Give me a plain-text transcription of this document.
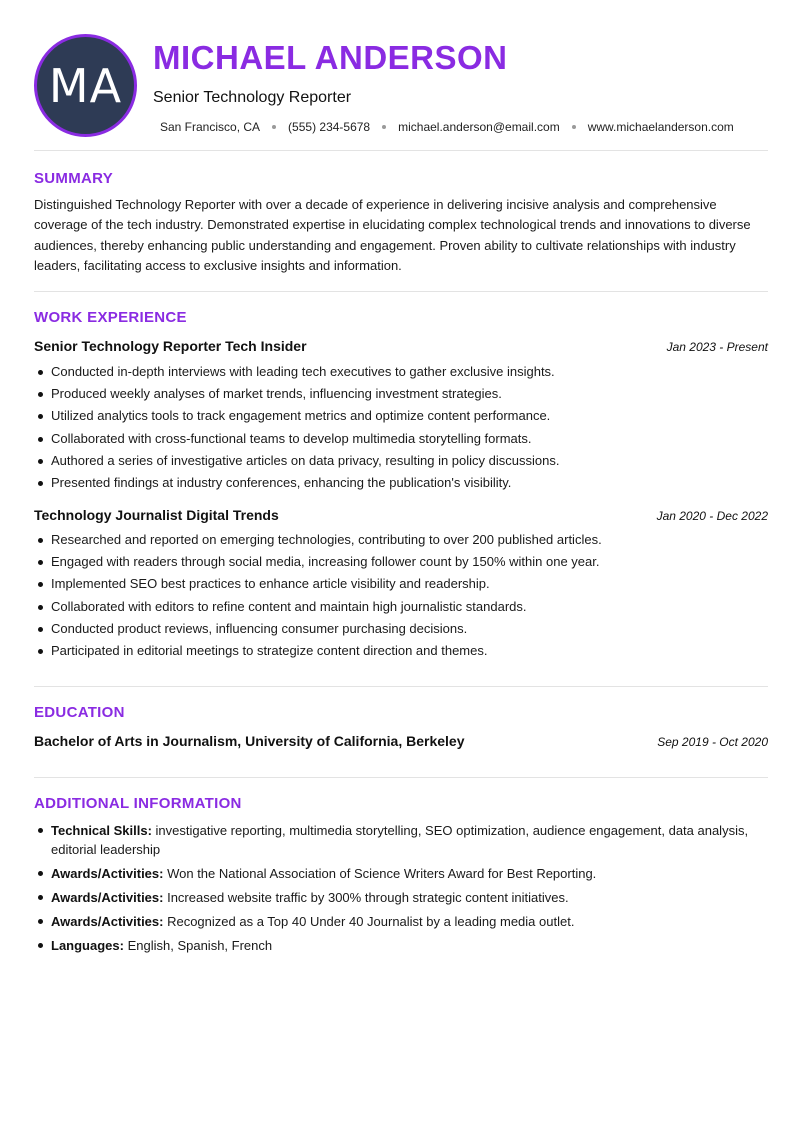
MA
MICHAEL ANDERSON
Senior Technology Reporter
San Francisco, CA (555) 234-5678 michael.anderson@email.com www.michaelanderson.com
SUMMARY
Distinguished Technology Reporter with over a decade of experience in delivering incisive analysis and comprehensive coverage of the tech industry. Demonstrated expertise in elucidating complex technological trends and innovations to diverse audiences, thereby enhancing public understanding and engagement. Proven ability to cultivate relationships with industry leaders, facilitating access to exclusive insights and information.
WORK EXPERIENCE
Senior Technology Reporter Tech Insider	Jan 2023 - Present
Conducted in-depth interviews with leading tech executives to gather exclusive insights.
Produced weekly analyses of market trends, influencing investment strategies.
Utilized analytics tools to track engagement metrics and optimize content performance.
Collaborated with cross-functional teams to develop multimedia storytelling formats.
Authored a series of investigative articles on data privacy, resulting in policy discussions.
Presented findings at industry conferences, enhancing the publication's visibility.
Technology Journalist Digital Trends	Jan 2020 - Dec 2022
Researched and reported on emerging technologies, contributing to over 200 published articles.
Engaged with readers through social media, increasing follower count by 150% within one year.
Implemented SEO best practices to enhance article visibility and readership.
Collaborated with editors to refine content and maintain high journalistic standards.
Conducted product reviews, influencing consumer purchasing decisions.
Participated in editorial meetings to strategize content direction and themes.
EDUCATION
Bachelor of Arts in Journalism, University of California, Berkeley	Sep 2019 - Oct 2020
ADDITIONAL INFORMATION
Technical Skills: investigative reporting, multimedia storytelling, SEO optimization, audience engagement, data analysis, editorial leadership
Awards/Activities: Won the National Association of Science Writers Award for Best Reporting.
Awards/Activities: Increased website traffic by 300% through strategic content initiatives.
Awards/Activities: Recognized as a Top 40 Under 40 Journalist by a leading media outlet.
Languages: English, Spanish, French
